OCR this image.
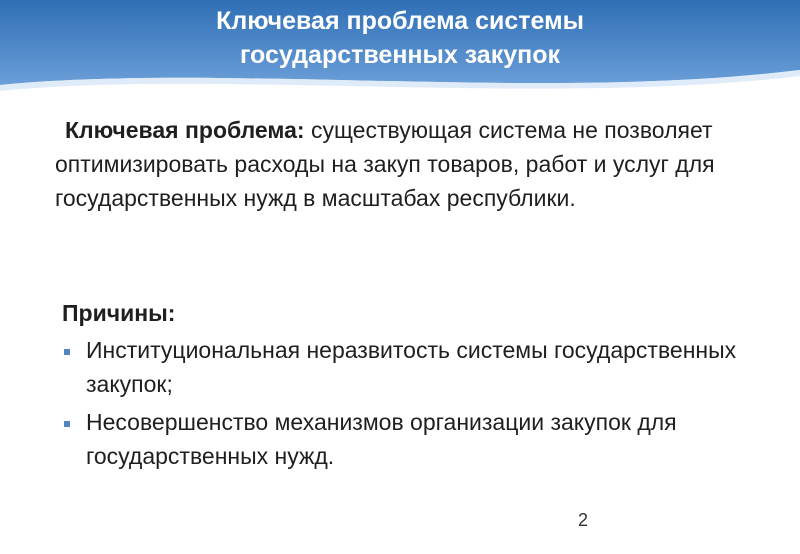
Ключевая проблема системы
государственных закупок
Ключевая проблема: существующая система не позволяет оптимизировать расходы на закуп товаров, работ и услуг для государственных нужд в масштабах республики.
Причины:
Институциональная неразвитость системы государственных закупок;
Несовершенство механизмов организации закупок для государственных нужд.
2
